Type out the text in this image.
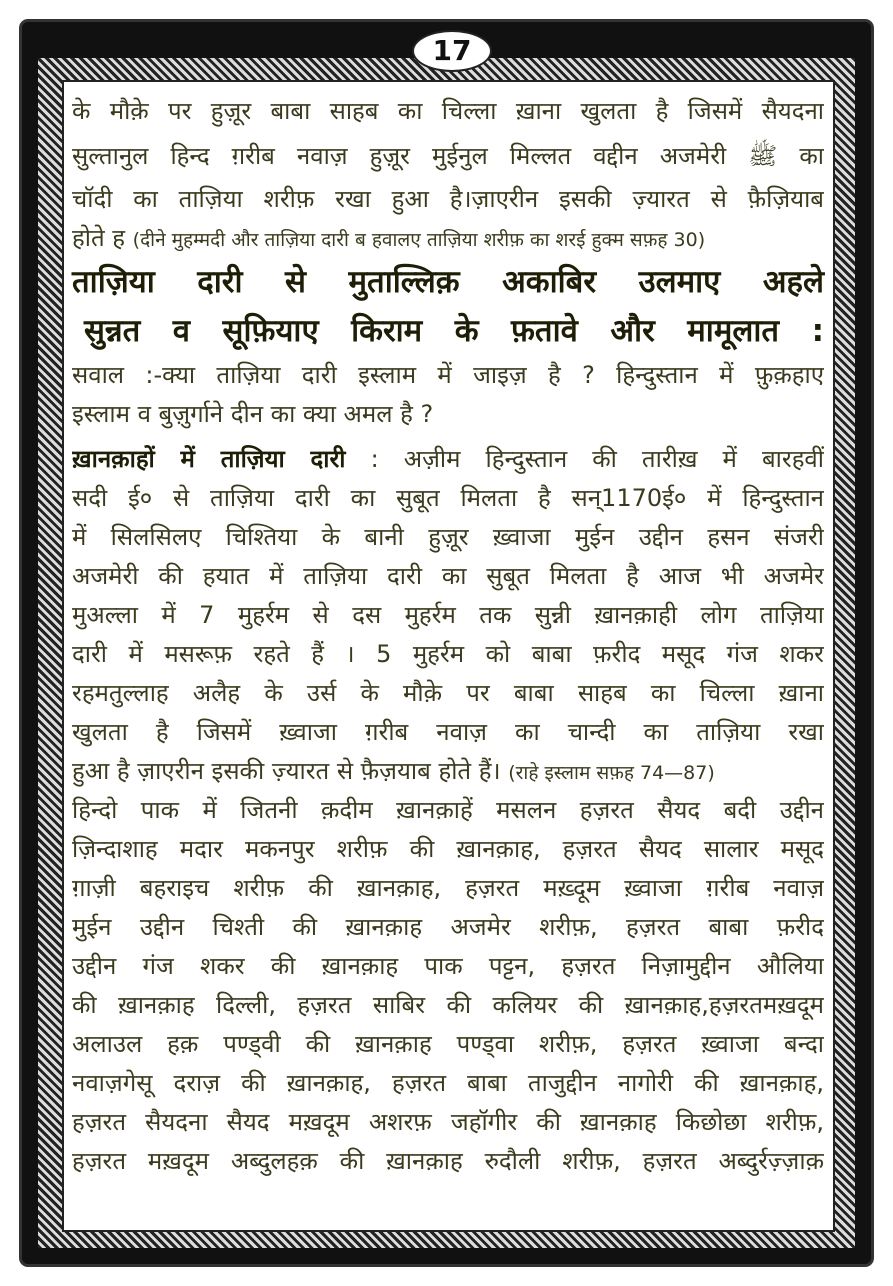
17
के मौक़े पर हुज़ूर बाबा साहब का चिल्ला ख़ाना खुलता है जिसमें सैयदना
सुल्तानुल हिन्द ग़रीब नवाज़ हुज़ूर मुईनुल मिल्लत वद्दीन अजमेरी ﷺ का
चॉदी का ताज़िया शरीफ़ रखा हुआ है।ज़ाएरीन इसकी ज़्यारत से फ़ैज़ियाब
होते ह (दीने मुहम्मदी और ताज़िया दारी ब हवालए ताज़िया शरीफ़ का शरई हुक्म सफ़ह 30)
ताज़िया दारी से मुताल्लिक़ अकाबिर उलमाए अहले
सुन्नत व सूफ़ियाए किराम के फ़तावे और मामूलात :
सवाल :-क्या ताज़िया दारी इस्लाम में जाइज़ है ? हिन्दुस्तान में फ़ुक़हाए
इस्लाम व बुज़ुर्गाने दीन का क्या अमल है ?
ख़ानक़ाहों में ताज़िया दारी : अज़ीम हिन्दुस्तान की तारीख़ में बारहवीं
सदी ई० से ताज़िया दारी का सुबूत मिलता है सन्1170ई० में हिन्दुस्तान
में सिलसिलए चिश्तिया के बानी हुज़ूर ख़्वाजा मुईन उद्दीन हसन संजरी
अजमेरी की हयात में ताज़िया दारी का सुबूत मिलता है आज भी अजमेर
मुअल्ला में 7 मुहर्रम से दस मुहर्रम तक सुन्नी ख़ानक़ाही लोग ताज़िया
दारी में मसरूफ़ रहते हैं । 5 मुहर्रम को बाबा फ़रीद मसूद गंज शकर
रहमतुल्लाह अलैह के उर्स के मौक़े पर बाबा साहब का चिल्ला ख़ाना
खुलता है जिसमें ख़्वाजा ग़रीब नवाज़ का चान्दी का ताज़िया रखा
हुआ है ज़ाएरीन इसकी ज़्यारत से फ़ैज़याब होते हैं। (राहे इस्लाम सफ़ह 74—87)
हिन्दो पाक में जितनी क़दीम ख़ानक़ाहें मसलन हज़रत सैयद बदी उद्दीन
ज़िन्दाशाह मदार मकनपुर शरीफ़ की ख़ानक़ाह, हज़रत सैयद सालार मसूद
ग़ाज़ी बहराइच शरीफ़ की ख़ानक़ाह, हज़रत मख़्दूम ख़्वाजा ग़रीब नवाज़
मुईन उद्दीन चिश्ती की ख़ानक़ाह अजमेर शरीफ़, हज़रत बाबा फ़रीद
उद्दीन गंज शकर की ख़ानक़ाह पाक पट्टन, हज़रत निज़ामुद्दीन औलिया
की ख़ानक़ाह दिल्ली, हज़रत साबिर की कलियर की ख़ानक़ाह,हज़रतमख़दूम
अलाउल हक़ पण्ड्वी की ख़ानक़ाह पण्ड्वा शरीफ़, हज़रत ख़्वाजा बन्दा
नवाज़गेसू दराज़ की ख़ानक़ाह, हज़रत बाबा ताजुद्दीन नागोरी की ख़ानक़ाह,
हज़रत सैयदना सैयद मख़दूम अशरफ़ जहॉगीर की ख़ानक़ाह किछोछा शरीफ़,
हज़रत मख़दूम अब्दुलहक़ की ख़ानक़ाह रुदौली शरीफ़, हज़रत अब्दुर्रज़्ज़ाक़
